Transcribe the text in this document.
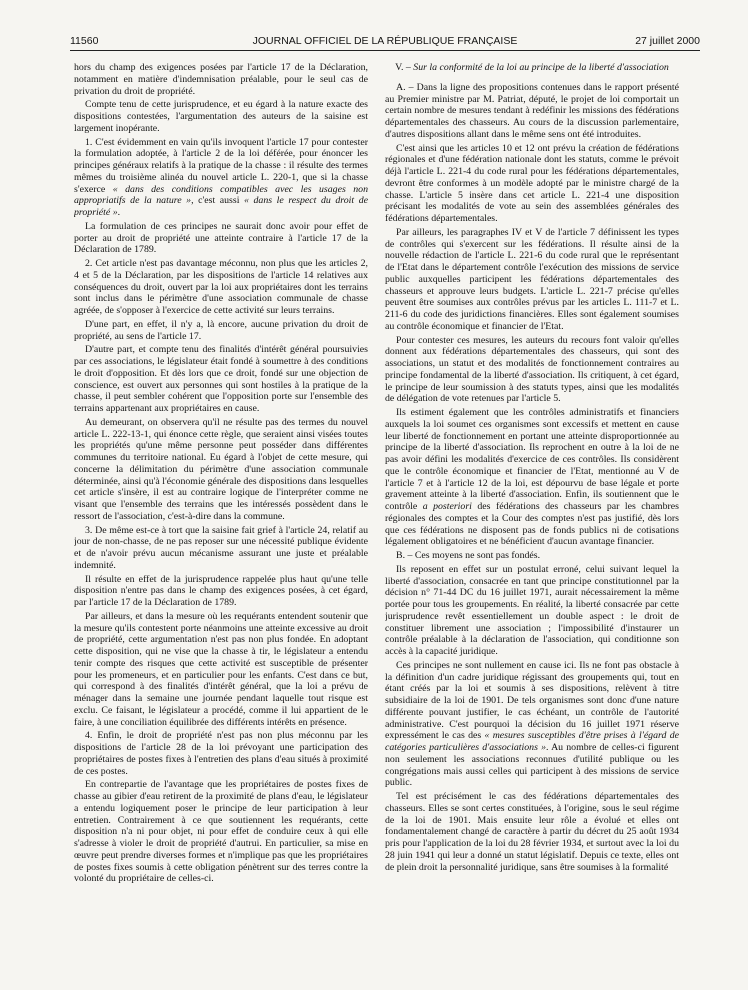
11560	JOURNAL OFFICIEL DE LA RÉPUBLIQUE FRANÇAISE	27 juillet 2000

hors du champ des exigences posées par l'article 17 de la Déclaration, notamment en matière d'indemnisation préalable, pour le seul cas de privation du droit de propriété.

Compte tenu de cette jurisprudence, et eu égard à la nature exacte des dispositions contestées, l'argumentation des auteurs de la saisine est largement inopérante.

1. C'est évidemment en vain qu'ils invoquent l'article 17 pour contester la formulation adoptée, à l'article 2 de la loi déférée, pour énoncer les principes généraux relatifs à la pratique de la chasse : il résulte des termes mêmes du troisième alinéa du nouvel article L. 220-1, que si la chasse s'exerce « dans des conditions compatibles avec les usages non appropriatifs de la nature », c'est aussi « dans le respect du droit de propriété ».

La formulation de ces principes ne saurait donc avoir pour effet de porter au droit de propriété une atteinte contraire à l'article 17 de la Déclaration de 1789.

2. Cet article n'est pas davantage méconnu, non plus que les articles 2, 4 et 5 de la Déclaration, par les dispositions de l'article 14 relatives aux conséquences du droit, ouvert par la loi aux propriétaires dont les terrains sont inclus dans le périmètre d'une association communale de chasse agréée, de s'opposer à l'exercice de cette activité sur leurs terrains.

D'une part, en effet, il n'y a, là encore, aucune privation du droit de propriété, au sens de l'article 17.

D'autre part, et compte tenu des finalités d'intérêt général poursuivies par ces associations, le législateur était fondé à soumettre à des conditions le droit d'opposition. Et dès lors que ce droit, fondé sur une objection de conscience, est ouvert aux personnes qui sont hostiles à la pratique de la chasse, il peut sembler cohérent que l'opposition porte sur l'ensemble des terrains appartenant aux propriétaires en cause.

Au demeurant, on observera qu'il ne résulte pas des termes du nouvel article L. 222-13-1, qui énonce cette règle, que seraient ainsi visées toutes les propriétés qu'une même personne peut posséder dans différentes communes du territoire national. Eu égard à l'objet de cette mesure, qui concerne la délimitation du périmètre d'une association communale déterminée, ainsi qu'à l'économie générale des dispositions dans lesquelles cet article s'insère, il est au contraire logique de l'interpréter comme ne visant que l'ensemble des terrains que les intéressés possèdent dans le ressort de l'association, c'est-à-dire dans la commune.

3. De même est-ce à tort que la saisine fait grief à l'article 24, relatif au jour de non-chasse, de ne pas reposer sur une nécessité publique évidente et de n'avoir prévu aucun mécanisme assurant une juste et préalable indemnité.

Il résulte en effet de la jurisprudence rappelée plus haut qu'une telle disposition n'entre pas dans le champ des exigences posées, à cet égard, par l'article 17 de la Déclaration de 1789.

Par ailleurs, et dans la mesure où les requérants entendent soutenir que la mesure qu'ils contestent porte néanmoins une atteinte excessive au droit de propriété, cette argumentation n'est pas non plus fondée. En adoptant cette disposition, qui ne vise que la chasse à tir, le législateur a entendu tenir compte des risques que cette activité est susceptible de présenter pour les promeneurs, et en particulier pour les enfants. C'est dans ce but, qui correspond à des finalités d'intérêt général, que la loi a prévu de ménager dans la semaine une journée pendant laquelle tout risque est exclu. Ce faisant, le législateur a procédé, comme il lui appartient de le faire, à une conciliation équilibrée des différents intérêts en présence.

4. Enfin, le droit de propriété n'est pas non plus méconnu par les dispositions de l'article 28 de la loi prévoyant une participation des propriétaires de postes fixes à l'entretien des plans d'eau situés à proximité de ces postes.

En contrepartie de l'avantage que les propriétaires de postes fixes de chasse au gibier d'eau retirent de la proximité de plans d'eau, le législateur a entendu logiquement poser le principe de leur participation à leur entretien. Contrairement à ce que soutiennent les requérants, cette disposition n'a ni pour objet, ni pour effet de conduire ceux à qui elle s'adresse à violer le droit de propriété d'autrui. En particulier, sa mise en œuvre peut prendre diverses formes et n'implique pas que les propriétaires de postes fixes soumis à cette obligation pénètrent sur des terres contre la volonté du propriétaire de celles-ci.

V. – Sur la conformité de la loi au principe de la liberté d'association

A. – Dans la ligne des propositions contenues dans le rapport présenté au Premier ministre par M. Patriat, député, le projet de loi comportait un certain nombre de mesures tendant à redéfinir les missions des fédérations départementales des chasseurs. Au cours de la discussion parlementaire, d'autres dispositions allant dans le même sens ont été introduites.

C'est ainsi que les articles 10 et 12 ont prévu la création de fédérations régionales et d'une fédération nationale dont les statuts, comme le prévoit déjà l'article L. 221-4 du code rural pour les fédérations départementales, devront être conformes à un modèle adopté par le ministre chargé de la chasse. L'article 5 insère dans cet article L. 221-4 une disposition précisant les modalités de vote au sein des assemblées générales des fédérations départementales.

Par ailleurs, les paragraphes IV et V de l'article 7 définissent les types de contrôles qui s'exercent sur les fédérations. Il résulte ainsi de la nouvelle rédaction de l'article L. 221-6 du code rural que le représentant de l'Etat dans le département contrôle l'exécution des missions de service public auxquelles participent les fédérations départementales des chasseurs et approuve leurs budgets. L'article L. 221-7 précise qu'elles peuvent être soumises aux contrôles prévus par les articles L. 111-7 et L. 211-6 du code des juridictions financières. Elles sont également soumises au contrôle économique et financier de l'Etat.

Pour contester ces mesures, les auteurs du recours font valoir qu'elles donnent aux fédérations départementales des chasseurs, qui sont des associations, un statut et des modalités de fonctionnement contraires au principe fondamental de la liberté d'association. Ils critiquent, à cet égard, le principe de leur soumission à des statuts types, ainsi que les modalités de délégation de vote retenues par l'article 5.

Ils estiment également que les contrôles administratifs et financiers auxquels la loi soumet ces organismes sont excessifs et mettent en cause leur liberté de fonctionnement en portant une atteinte disproportionnée au principe de la liberté d'association. Ils reprochent en outre à la loi de ne pas avoir défini les modalités d'exercice de ces contrôles. Ils considèrent que le contrôle économique et financier de l'Etat, mentionné au V de l'article 7 et à l'article 12 de la loi, est dépourvu de base légale et porte gravement atteinte à la liberté d'association. Enfin, ils soutiennent que le contrôle a posteriori des fédérations des chasseurs par les chambres régionales des comptes et la Cour des comptes n'est pas justifié, dès lors que ces fédérations ne disposent pas de fonds publics ni de cotisations légalement obligatoires et ne bénéficient d'aucun avantage financier.

B. – Ces moyens ne sont pas fondés.

Ils reposent en effet sur un postulat erroné, celui suivant lequel la liberté d'association, consacrée en tant que principe constitutionnel par la décision n° 71-44 DC du 16 juillet 1971, aurait nécessairement la même portée pour tous les groupements. En réalité, la liberté consacrée par cette jurisprudence revêt essentiellement un double aspect : le droit de constituer librement une association ; l'impossibilité d'instaurer un contrôle préalable à la déclaration de l'association, qui conditionne son accès à la capacité juridique.

Ces principes ne sont nullement en cause ici. Ils ne font pas obstacle à la définition d'un cadre juridique régissant des groupements qui, tout en étant créés par la loi et soumis à ses dispositions, relèvent à titre subsidiaire de la loi de 1901. De tels organismes sont donc d'une nature différente pouvant justifier, le cas échéant, un contrôle de l'autorité administrative. C'est pourquoi la décision du 16 juillet 1971 réserve expressément le cas des « mesures susceptibles d'être prises à l'égard de catégories particulières d'associations ». Au nombre de celles-ci figurent non seulement les associations reconnues d'utilité publique ou les congrégations mais aussi celles qui participent à des missions de service public.

Tel est précisément le cas des fédérations départementales des chasseurs. Elles se sont certes constituées, à l'origine, sous le seul régime de la loi de 1901. Mais ensuite leur rôle a évolué et elles ont fondamentalement changé de caractère à partir du décret du 25 août 1934 pris pour l'application de la loi du 28 février 1934, et surtout avec la loi du 28 juin 1941 qui leur a donné un statut législatif. Depuis ce texte, elles ont de plein droit la personnalité juridique, sans être soumises à la formalité
